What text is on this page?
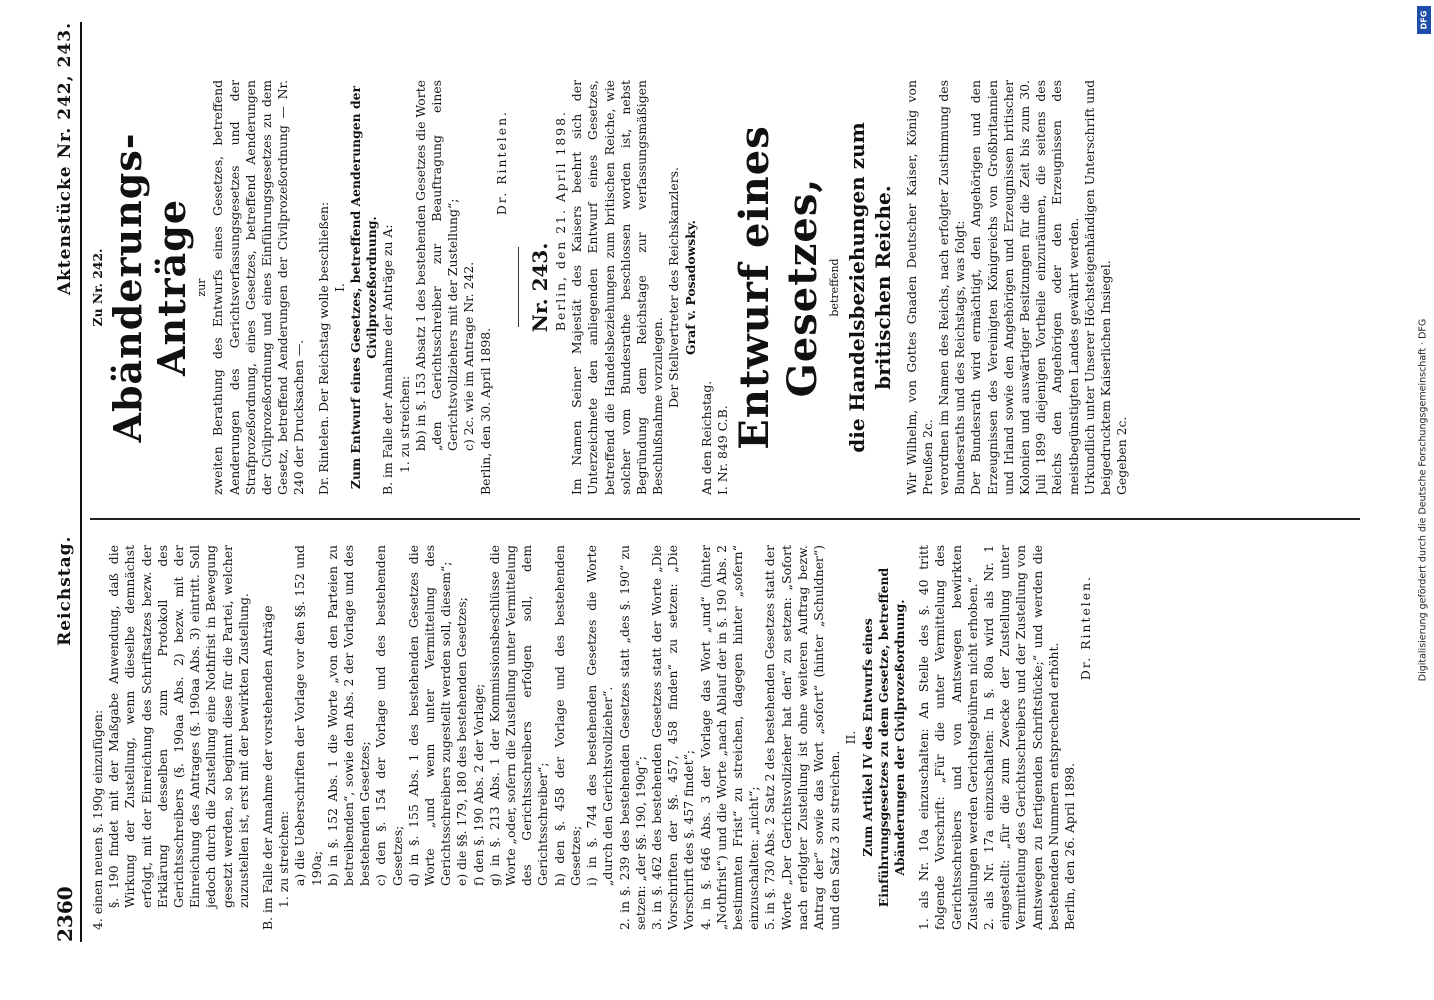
2360
Reichstag.
Aktenstücke Nr. 242, 243.

4. einen neuen §. 190g einzufügen: §. 190 findet mit der Maßgabe Anwendung, daß die Wirkung der Zustellung, wenn dieselbe demnächst erfolgt, mit der Einreichung des Schriftsatzes bezw. der Erklärung desselben zum Protokoll des Gerichtsschreibers (§. 190aa Abs. 2) bezw. mit der Einreichung des Antrages (§. 190aa Abs. 3) eintritt. Soll jedoch durch die Zustellung eine Nothfrist in Bewegung gesetzt werden, so beginnt diese für die Partei, welcher zuzustellen ist, erst mit der bewirkten Zustellung. B. im Falle der Annahme der vorstehenden Anträge 1. zu streichen: a) die Ueberschriften der Vorlage vor den §§. 152 und 190a; b) in §. 152 Abs. 1 die Worte „von den Parteien zu betreibenden“, sowie den Abs. 2 der Vorlage und des bestehenden Gesetzes; c) den §. 154 der Vorlage und des bestehenden Gesetzes; d) in §. 155 Abs. 1 des bestehenden Gesetzes die Worte „und wenn unter Vermittelung des Gerichtsschreibers zugestellt werden soll, diesem“; e) die §§. 179, 180 des bestehenden Gesetzes; f) den §. 190 Abs. 2 der Vorlage; g) in §. 213 Abs. 1 der Kommissionsbeschlüsse die Worte „oder, sofern die Zustellung unter Vermittelung des Gerichtsschreibers erfolgen soll, dem Gerichtsschreiber“; h) den §. 458 der Vorlage und des bestehenden Gesetzes; i) in §. 744 des bestehenden Gesetzes die Worte „durch den Gerichtsvollzieher“. 2. in §. 239 des bestehenden Gesetzes statt „des §. 190“ zu setzen: „der §§. 190, 190g“; 3. in §. 462 des bestehenden Gesetzes statt der Worte „Die Vorschriften der §§. 457, 458 finden“ zu setzen: „Die Vorschrift des §. 457 findet“; 4. in §. 646 Abs. 3 der Vorlage das Wort „und“ (hinter „Nothfrist“) und die Worte „nach Ablauf der in §. 190 Abs. 2 bestimmten Frist“ zu streichen, dagegen hinter „sofern“ einzuschalten: „nicht“; 5. in §. 730 Abs. 2 Satz 2 des bestehenden Gesetzes statt der Worte „Der Gerichtsvollzieher hat den“ zu setzen: „Sofort nach erfolgter Zustellung ist ohne weiteren Auftrag bezw. Antrag der“ sowie das Wort „sofort“ (hinter „Schuldner“) und den Satz 3 zu streichen.

II. Zum Artikel IV des Entwurfs eines Einführungsgesetzes zu dem Gesetze, betreffend Abänderungen der Civilprozeßordnung. 1. als Nr. 10a einzuschalten: An Stelle des §. 40 tritt folgende Vorschrift: „Für die unter Vermittelung des Gerichtsschreibers und von Amtswegen bewirkten Zustellungen werden Gerichtsgebühren nicht erhoben.“ 2. als Nr. 17a einzuschalten: In §. 80a wird als Nr. 1 eingestellt: „für die zum Zwecke der Zustellung unter Vermittelung des Gerichtsschreibers und der Zustellung von Amtswegen zu fertigenden Schriftstücke;“ und werden die bestehenden Nummern entsprechend erhöht. Berlin, den 26. April 1898.

Dr. Rintelen.

Zu Nr. 242. Abänderungs-Anträge zur zweiten Berathung des Entwurfs eines Gesetzes, betreffend Aenderungen des Gerichtsverfassungsgesetzes und der Strafprozeßordnung, eines Gesetzes, betreffend Aenderungen der Civilprozeßordnung und eines Einführungsgesetzes zu dem Gesetz, betreffend Aenderungen der Civilprozeßordnung — Nr. 240 der Drucksachen —. Dr. Rintelen. Der Reichstag wolle beschließen: I. Zum Entwurf eines Gesetzes, betreffend Aenderungen der Civilprozeßordnung. B. im Falle der Annahme der Anträge zu A: 1. zu streichen: bb) in §. 153 Absatz 1 des bestehenden Gesetzes die Worte „den Gerichtsschreiber zur Beauftragung eines Gerichtsvollziehers mit der Zustellung“; c) 2c. wie im Antrage Nr. 242. Berlin, den 30. April 1898.

Dr. Rintelen.

Nr. 243. Berlin, den 21. April 1898. Im Namen Seiner Majestät des Kaisers beehrt sich der Unterzeichnete den anliegenden Entwurf eines Gesetzes, betreffend die Handelsbeziehungen zum britischen Reiche, wie solcher vom Bundesrathe beschlossen worden ist, nebst Begründung dem Reichstage zur verfassungsmäßigen Beschlußnahme vorzulegen. Der Stellvertreter des Reichskanzlers. Graf v. Posadowsky.

An den Reichstag. I. Nr. 849 C.B.

Entwurf eines Gesetzes, betreffend die Handelsbeziehungen zum britischen Reiche. Wir Wilhelm, von Gottes Gnaden Deutscher Kaiser, König von Preußen 2c. verordnen im Namen des Reichs, nach erfolgter Zustimmung des Bundesraths und des Reichstags, was folgt: Der Bundesrath wird ermächtigt, den Angehörigen und den Erzeugnissen des Vereinigten Königreichs von Großbritannien und Irland sowie den Angehörigen und Erzeugnissen britischer Kolonien und auswärtiger Besitzungen für die Zeit bis zum 30. Juli 1899 diejenigen Vortheile einzuräumen, die seitens des Reichs den Angehörigen oder den Erzeugnissen des meistbegünstigten Landes gewährt werden. Urkundlich unter Unserer Höchsteigenhändigen Unterschrift und beigedrucktem Kaiserlichen Insiegel. Gegeben 2c.	Digitalisierung gefördert durch die Deutsche Forschungsgemeinschaft · DFG
DFG
